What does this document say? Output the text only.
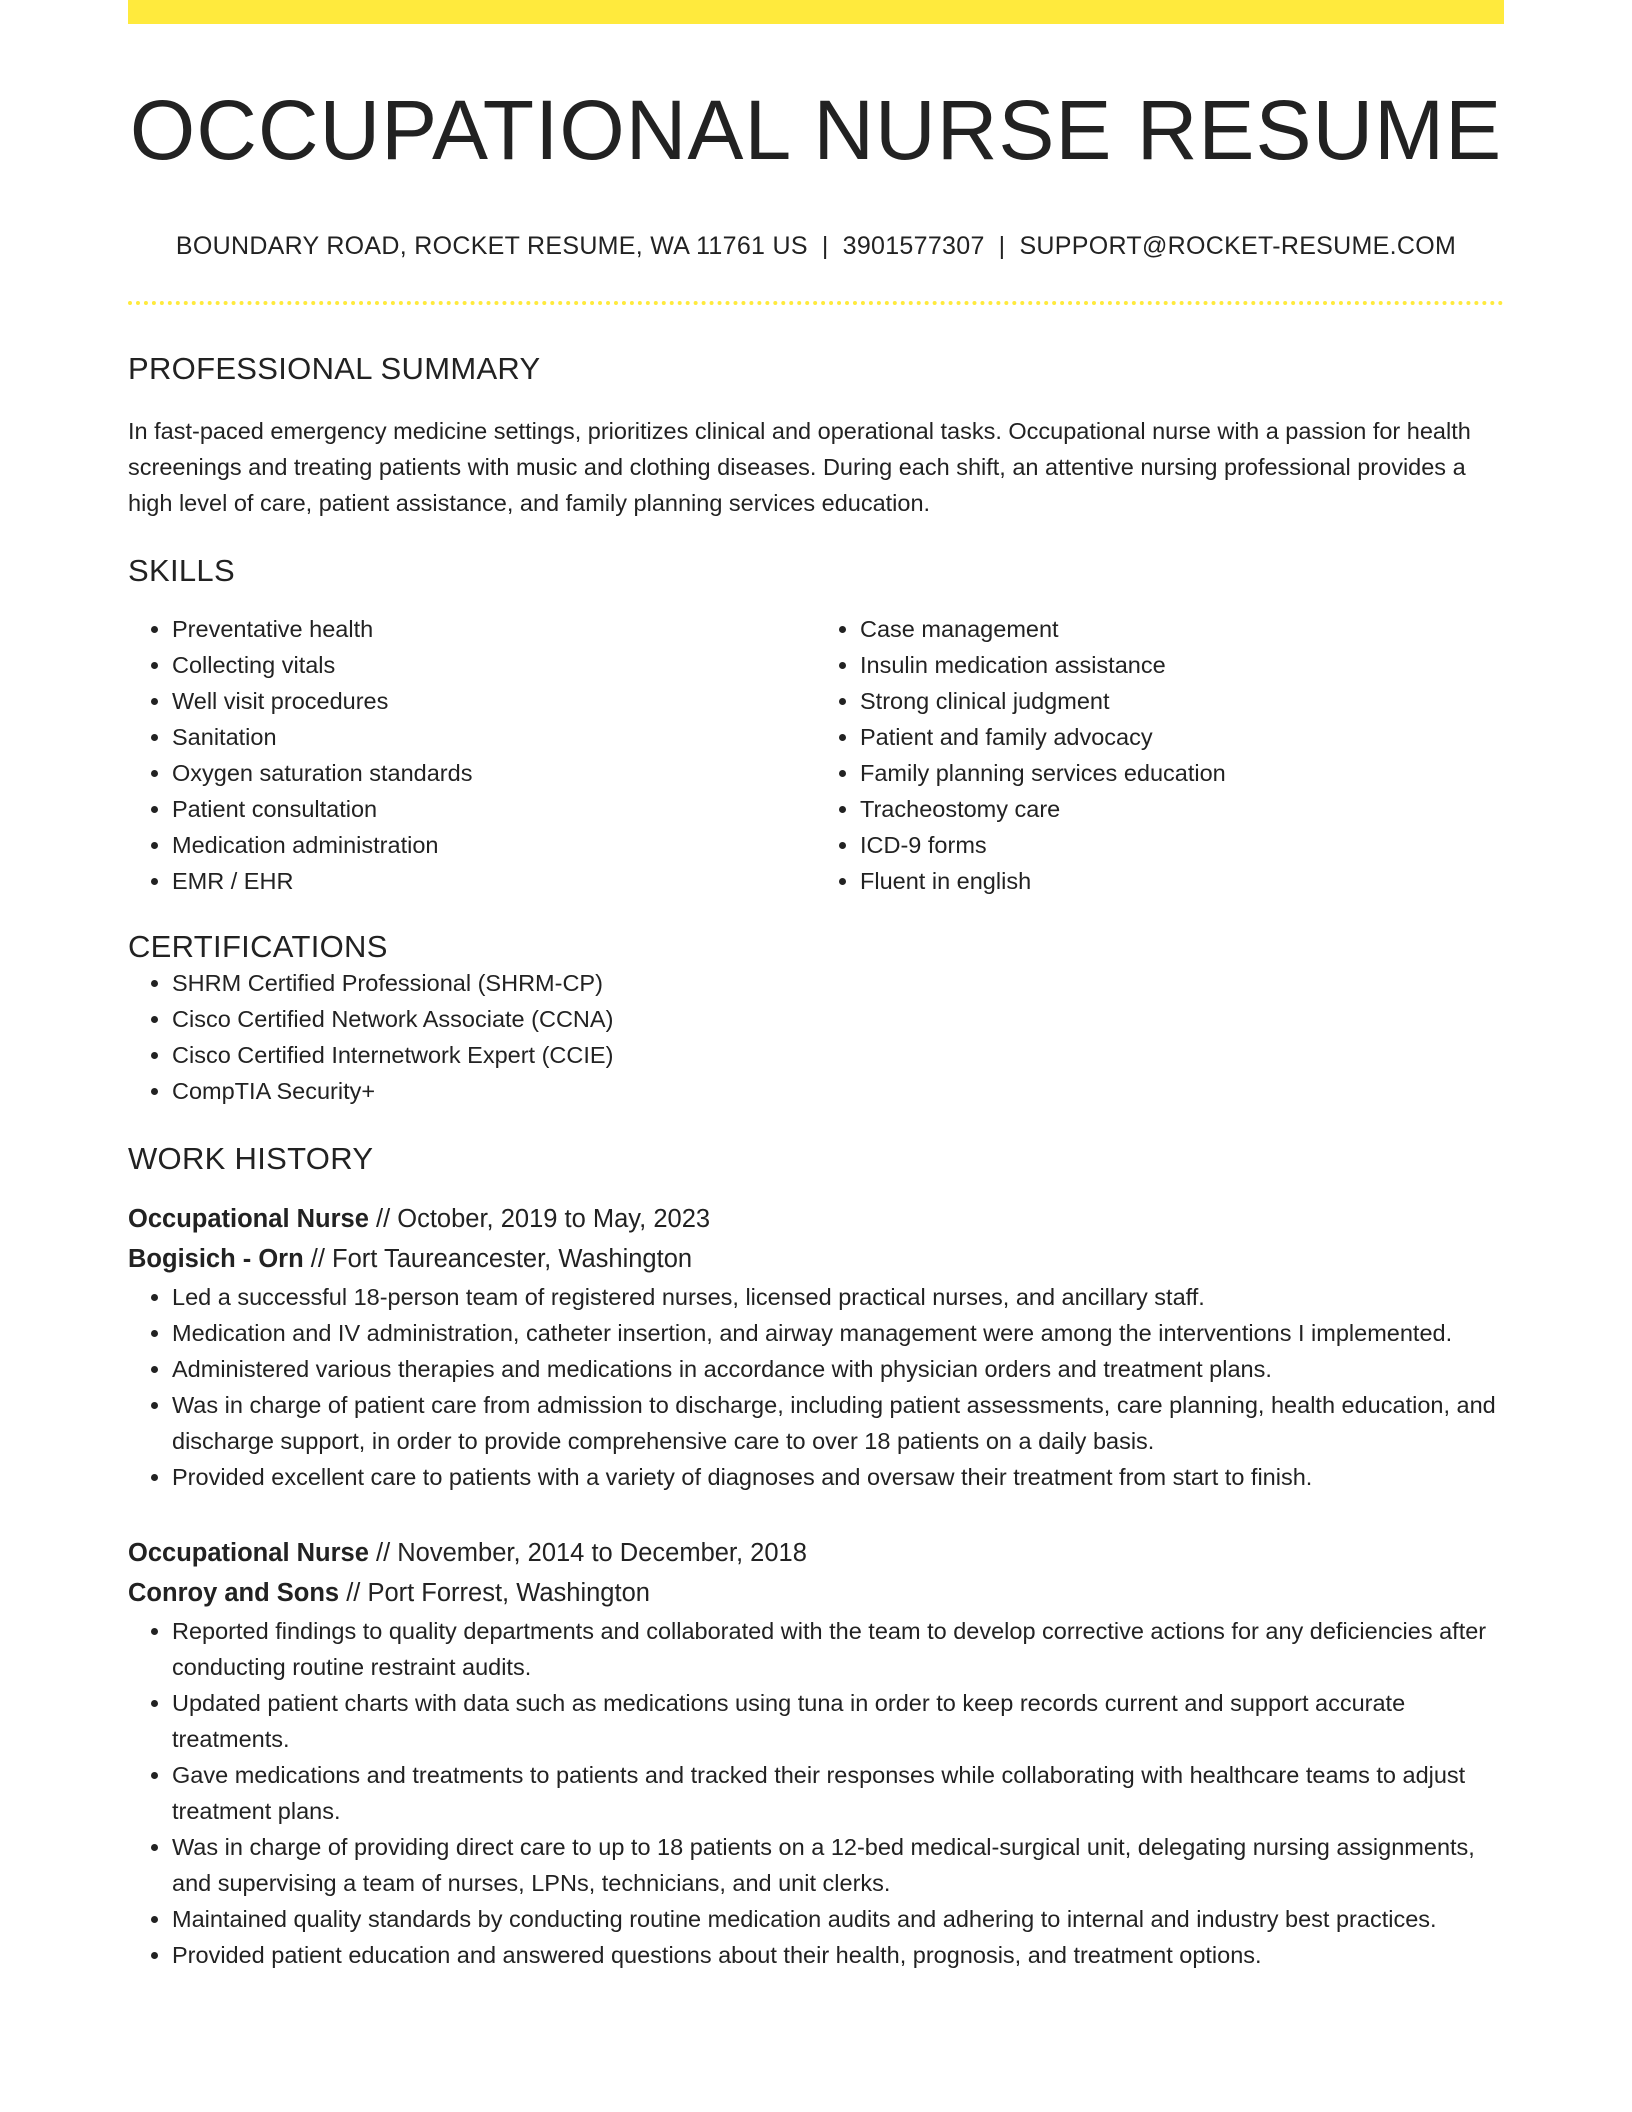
OCCUPATIONAL NURSE RESUME
BOUNDARY ROAD, ROCKET RESUME, WA 11761 US | 3901577307 | SUPPORT@ROCKET-RESUME.COM
PROFESSIONAL SUMMARY

In fast-paced emergency medicine settings, prioritizes clinical and operational tasks. Occupational nurse with a passion for health screenings and treating patients with music and clothing diseases. During each shift, an attentive nursing professional provides a high level of care, patient assistance, and family planning services education.

SKILLS
• Preventative health
• Collecting vitals
• Well visit procedures
• Sanitation
• Oxygen saturation standards
• Patient consultation
• Medication administration
• EMR / EHR
• Case management
• Insulin medication assistance
• Strong clinical judgment
• Patient and family advocacy
• Family planning services education
• Tracheostomy care
• ICD-9 forms
• Fluent in english
CERTIFICATIONS
• SHRM Certified Professional (SHRM-CP)
• Cisco Certified Network Associate (CCNA)
• Cisco Certified Internetwork Expert (CCIE)
• CompTIA Security+
WORK HISTORY
Occupational Nurse // October, 2019 to May, 2023
Bogisich - Orn // Fort Taureancester, Washington
• Led a successful 18-person team of registered nurses, licensed practical nurses, and ancillary staff.
• Medication and IV administration, catheter insertion, and airway management were among the interventions I implemented.
• Administered various therapies and medications in accordance with physician orders and treatment plans.
• Was in charge of patient care from admission to discharge, including patient assessments, care planning, health education, and discharge support, in order to provide comprehensive care to over 18 patients on a daily basis.
• Provided excellent care to patients with a variety of diagnoses and oversaw their treatment from start to finish.
Occupational Nurse // November, 2014 to December, 2018
Conroy and Sons // Port Forrest, Washington
• Reported findings to quality departments and collaborated with the team to develop corrective actions for any deficiencies after conducting routine restraint audits.
• Updated patient charts with data such as medications using tuna in order to keep records current and support accurate treatments.
• Gave medications and treatments to patients and tracked their responses while collaborating with healthcare teams to adjust treatment plans.
• Was in charge of providing direct care to up to 18 patients on a 12-bed medical-surgical unit, delegating nursing assignments, and supervising a team of nurses, LPNs, technicians, and unit clerks.
• Maintained quality standards by conducting routine medication audits and adhering to internal and industry best practices.
• Provided patient education and answered questions about their health, prognosis, and treatment options.
